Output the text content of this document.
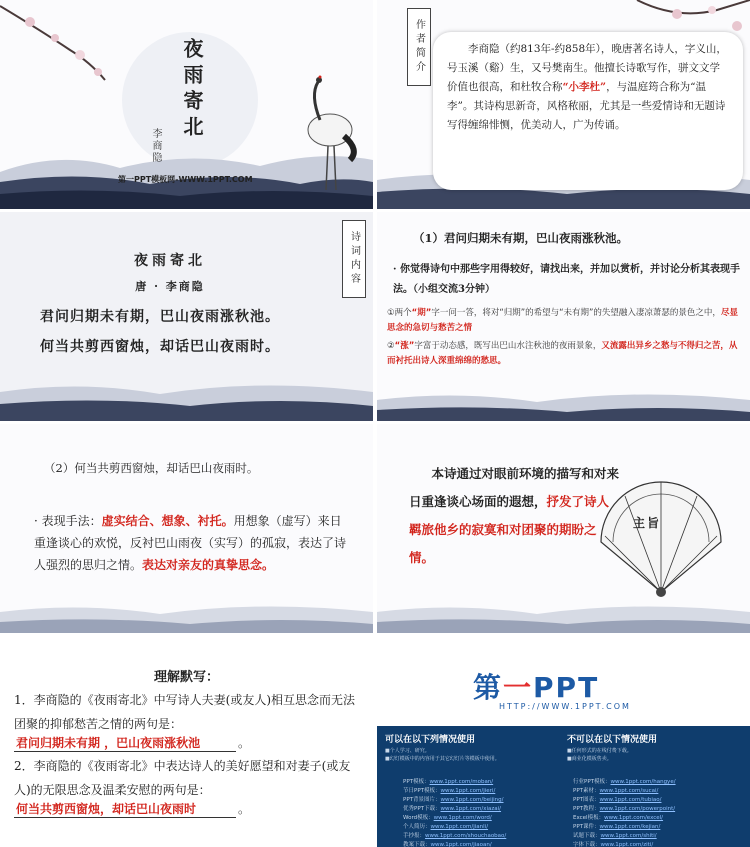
夜雨寄北
李商隐
第一PPT模板网-WWW.1PPT.COM
作者简介	李商隐（约813年-约858年），晚唐著名诗人，字义山，号玉溪（谿）生，又号樊南生。他擅长诗歌写作，骈文文学价值也很高，和杜牧合称“小李杜”，与温庭筠合称为“温李”。其诗构思新奇，风格秾丽，尤其是一些爱情诗和无题诗写得缠绵悱恻，优美动人，广为传诵。
诗词内容
夜雨寄北
唐 · 李商隐
君问归期未有期，巴山夜雨涨秋池。
何当共剪西窗烛，却话巴山夜雨时。
（1）君问归期未有期，巴山夜雨涨秋池。
· 你觉得诗句中那些字用得较好，请找出来，并加以赏析，并讨论分析其表现手法。（小组交流3分钟）

①两个“期”字一问一答，将对“归期”的希望与“未有期”的失望融入凄凉萧瑟的景色之中，尽显思念的急切与愁苦之情

②“涨”字富于动态感，既写出巴山水注秋池的夜雨景象，又流露出异乡之愁与不得归之苦，从而衬托出诗人深重绵绵的愁思。

（2）何当共剪西窗烛，却话巴山夜雨时。
· 表现手法：虚实结合、想象、衬托。用想象（虚写）来日重逢谈心的欢悦，反衬巴山雨夜（实写）的孤寂，表达了诗人强烈的思归之情。表达对亲友的真挚思念。
本诗通过对眼前环境的描写和对来日重逢谈心场面的遐想，抒发了诗人羁旅他乡的寂寞和对团聚的期盼之情。
主旨
理解默写：
1．李商隐的《夜雨寄北》中写诗人夫妻(或友人)相互思念而无法团聚的抑郁愁苦之情的两句是：
君问归期未有期 ，巴山夜雨涨秋池	。
2．李商隐的《夜雨寄北》中表达诗人的美好愿望和对妻子(或友人)的无限思念及温柔安慰的两句是：
何当共剪西窗烛，却话巴山夜雨时	。
第一PPT
HTTP://WWW.1PPT.COM
可以在以下列情况使用
■个人学习、研究。
■幻灯模板中的内容用于其它幻灯片等模板中使用。
不可以在以下情况使用
■任何形式的在线付费下载。
■商业化模板售卖。
PPT模板：www.1ppt.com/moban/
节日PPT模板：www.1ppt.com/jieri/
PPT背景图片：www.1ppt.com/beijing/
优秀PPT下载：www.1ppt.com/xiazai/
Word模板：www.1ppt.com/word/
个人简历：www.1ppt.com/jianli/
手抄报：www.1ppt.com/shouchaobao/
教案下载：www.1ppt.com/jiaoan/
行业PPT模板：www.1ppt.com/hangye/
PPT素材：www.1ppt.com/sucai/
PPT图表：www.1ppt.com/tubiao/
PPT教程：www.1ppt.com/powerpoint/
Excel模板：www.1ppt.com/excel/
PPT课件：www.1ppt.com/kejian/
试题下载：www.1ppt.com/shiti/
字体下载：www.1ppt.com/ziti/
